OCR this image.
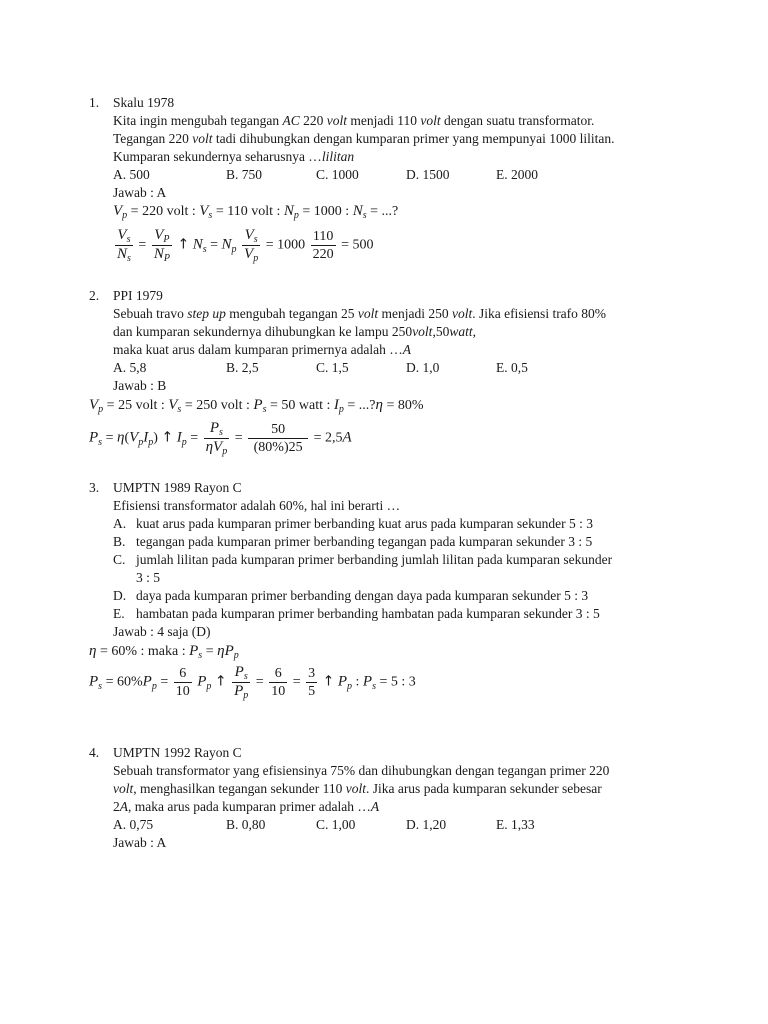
1. Skalu 1978
Kita ingin mengubah tegangan AC 220 volt menjadi 110 volt dengan suatu transformator.
Tegangan 220 volt tadi dihubungkan dengan kumparan primer yang mempunyai 1000 lilitan.
Kumparan sekundernya seharusnya …lilitan
A. 500	B. 750	C. 1000	D. 1500	E. 2000
Jawab : A
$V_p = 220$ volt : $V_s = 110$ volt : $N_p = 1000$ : $N_s$ = ...?
$\frac{V_s}{N_s} = \frac{V_P}{N_P}$ ↑ $N_s = N_p \frac{V_s}{V_p} = 1000 \frac{110}{220} = 500$
2. PPI 1979
Sebuah travo step up mengubah tegangan 25 volt menjadi 250 volt. Jika efisiensi trafo 80%
dan kumparan sekundernya dihubungkan ke lampu 250volt,50watt,
maka kuat arus dalam kumparan primernya adalah …A
A. 5,8	B. 2,5	C. 1,5	D. 1,0	E. 0,5
Jawab : B
$V_p = 25$ volt : $V_s = 250$ volt : $P_s = 50$ watt : $I_p$ = ...?η = 80%
$P_s = \eta(V_pI_p)$ ↑ $I_p = \frac{P_s}{\eta V_p} = \frac{50}{(80\%)25} = 2,5A$
3. UMPTN 1989 Rayon C
Efisiensi transformator adalah 60%, hal ini berarti …
A. kuat arus pada kumparan primer berbanding kuat arus pada kumparan sekunder 5 : 3
B. tegangan pada kumparan primer berbanding tegangan pada kumparan sekunder 3 : 5
C. jumlah lilitan pada kumparan primer berbanding jumlah lilitan pada kumparan sekunder
3 : 5
D. daya pada kumparan primer berbanding dengan daya pada kumparan sekunder 5 : 3
E. hambatan pada kumparan primer berbanding hambatan pada kumparan sekunder 3 : 5
Jawab : 4 saja (D)
η = 60% : maka : $P_s = \eta P_p$
$P_s = 60\%P_p = \frac{6}{10} P_p$ ↑ $\frac{P_s}{P_p} = \frac{6}{10} = \frac{3}{5}$ ↑ $P_p$ : $P_s = 5$ : 3
4. UMPTN 1992 Rayon C
Sebuah transformator yang efisiensinya 75% dan dihubungkan dengan tegangan primer 220
volt, menghasilkan tegangan sekunder 110 volt. Jika arus pada kumparan sekunder sebesar
2A, maka arus pada kumparan primer adalah …A
A. 0,75	B. 0,80	C. 1,00	D. 1,20	E. 1,33
Jawab : A
